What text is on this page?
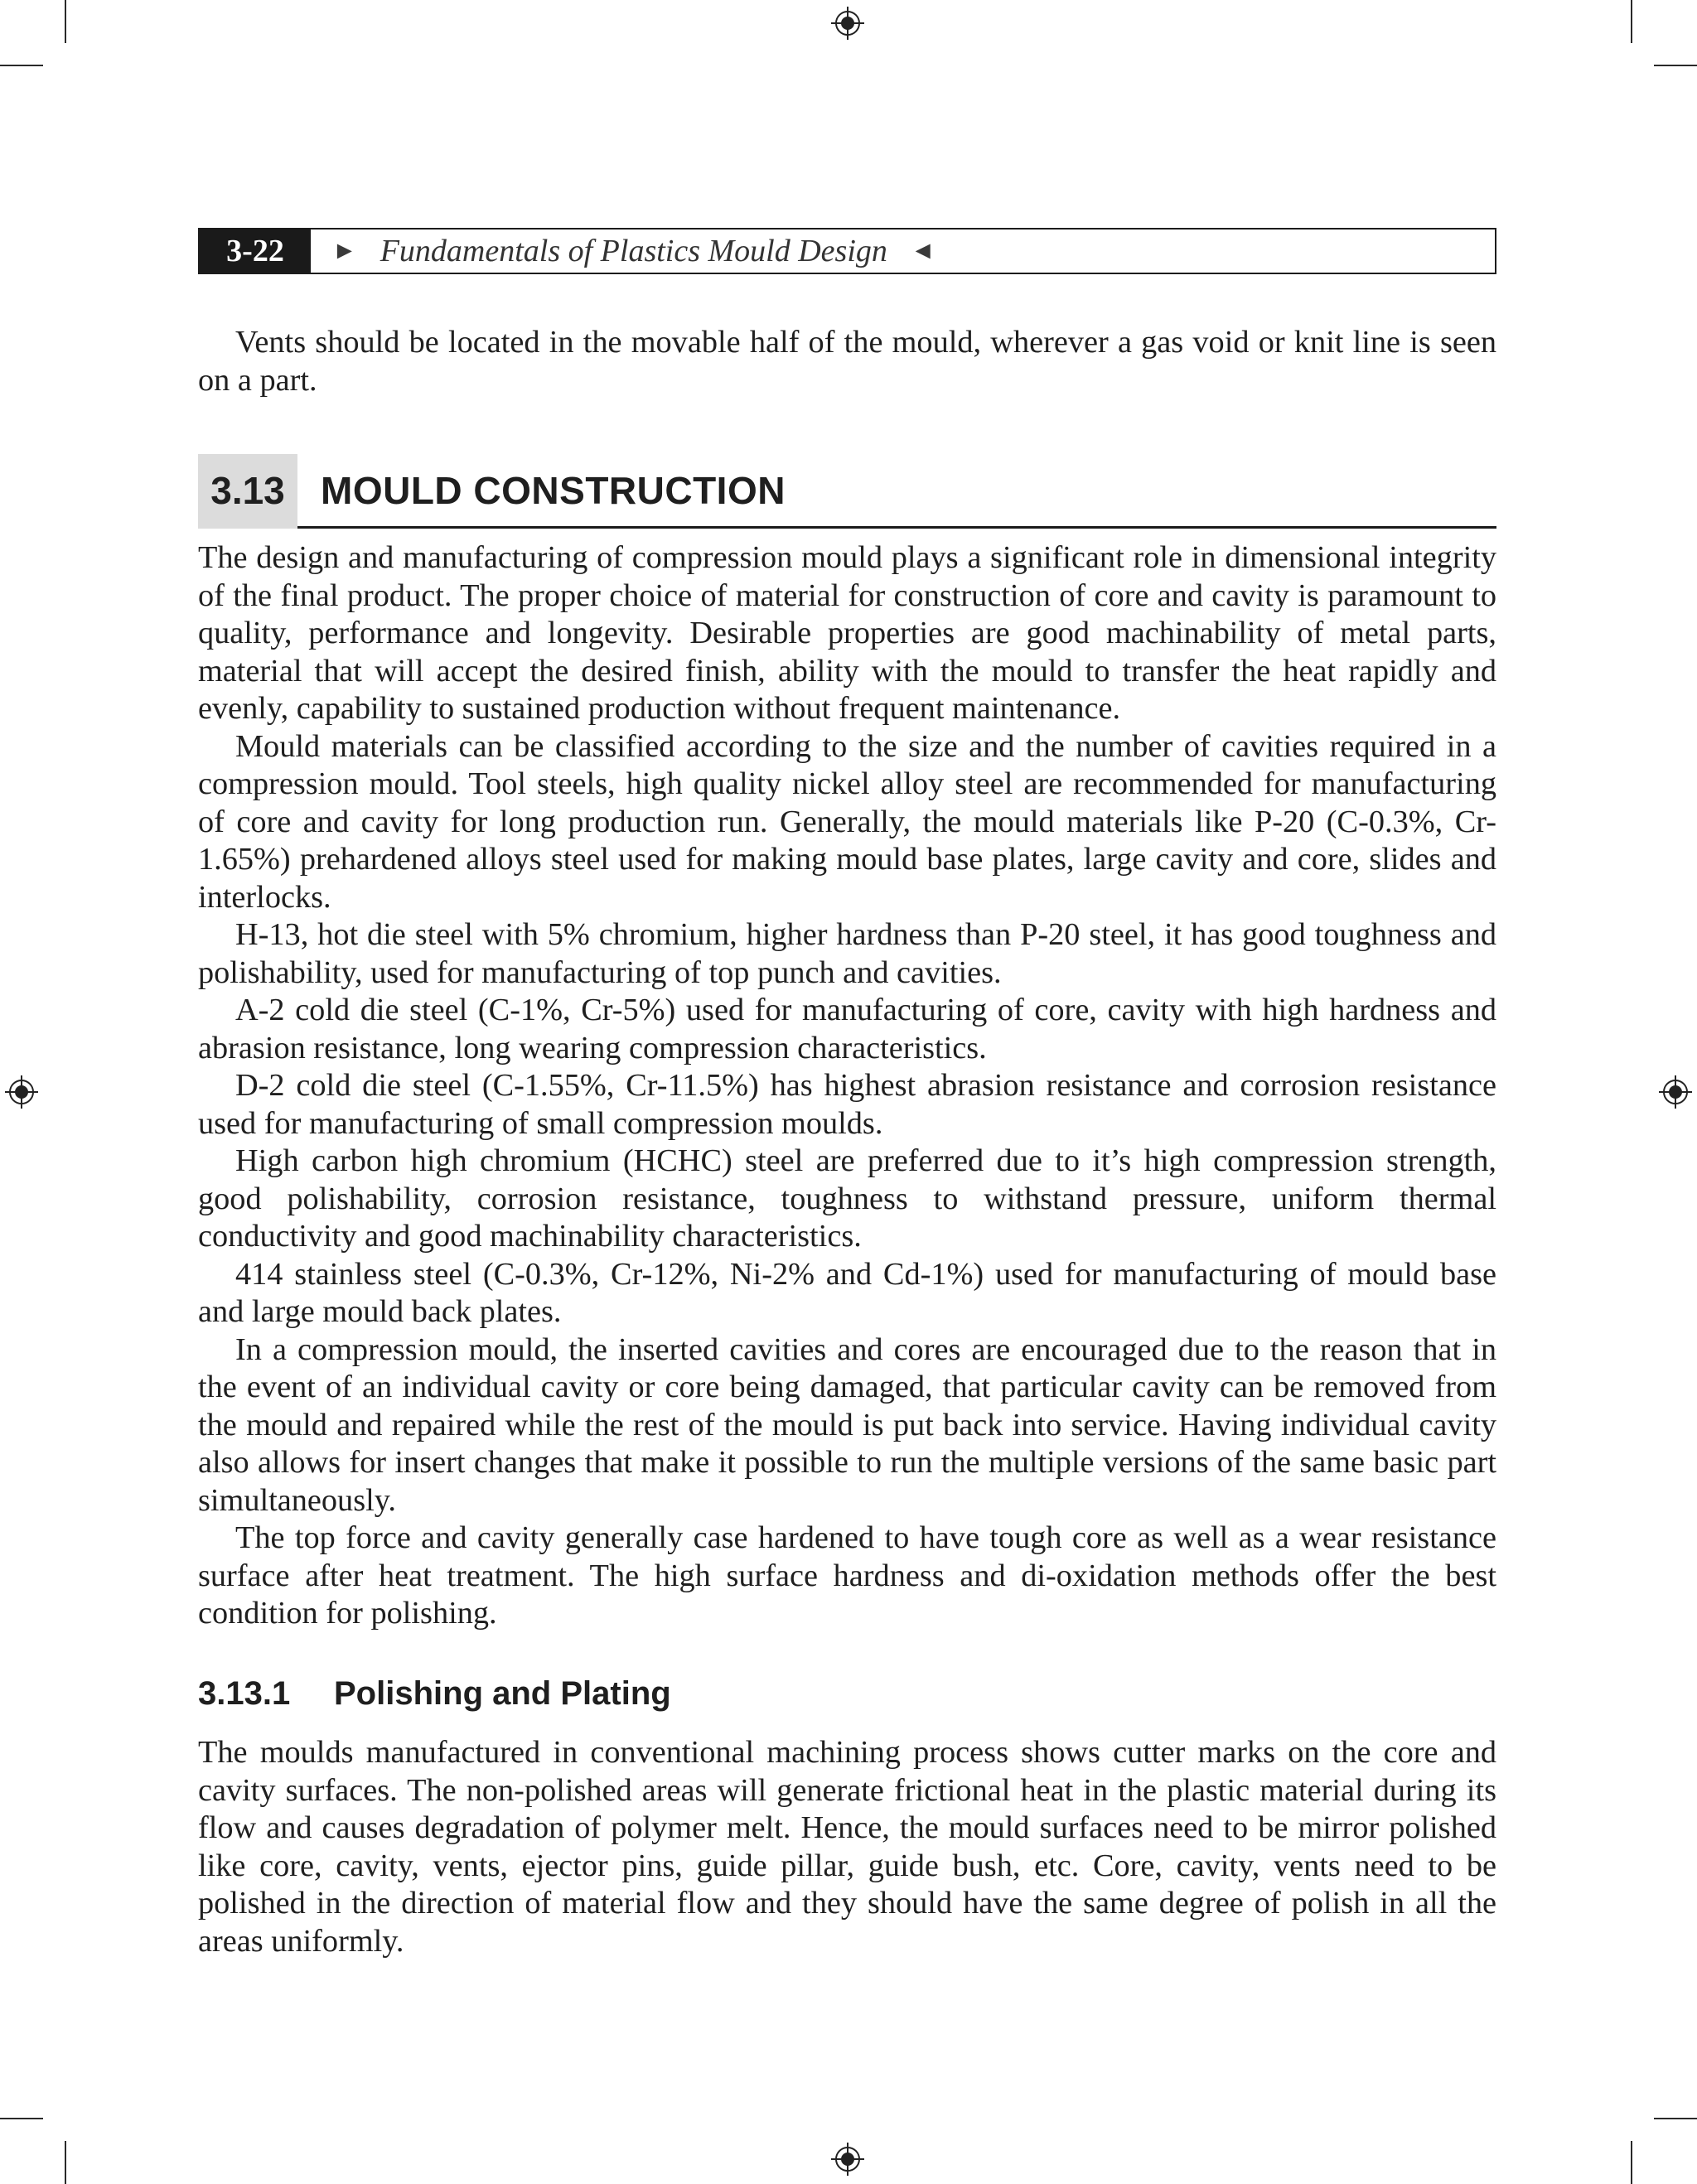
3-22	► Fundamentals of Plastics Mould Design ◄

Vents should be located in the movable half of the mould, wherever a gas void or knit line is seen on a part.

3.13 MOULD CONSTRUCTION

The design and manufacturing of compression mould plays a significant role in dimensional integrity of the final product. The proper choice of material for construction of core and cavity is paramount to quality, performance and longevity. Desirable properties are good machinability of metal parts, material that will accept the desired finish, ability with the mould to transfer the heat rapidly and evenly, capability to sustained production without frequent maintenance.

Mould materials can be classified according to the size and the number of cavities required in a compression mould. Tool steels, high quality nickel alloy steel are recommended for manufacturing of core and cavity for long production run. Generally, the mould materials like P-20 (C-0.3%, Cr-1.65%) prehardened alloys steel used for making mould base plates, large cavity and core, slides and interlocks.

H-13, hot die steel with 5% chromium, higher hardness than P-20 steel, it has good toughness and polishability, used for manufacturing of top punch and cavities.

A-2 cold die steel (C-1%, Cr-5%) used for manufacturing of core, cavity with high hardness and abrasion resistance, long wearing compression characteristics.

D-2 cold die steel (C-1.55%, Cr-11.5%) has highest abrasion resistance and corrosion resistance used for manufacturing of small compression moulds.

High carbon high chromium (HCHC) steel are preferred due to it’s high compression strength, good polishability, corrosion resistance, toughness to withstand pressure, uniform thermal conductivity and good machinability characteristics.

414 stainless steel (C-0.3%, Cr-12%, Ni-2% and Cd-1%) used for manufacturing of mould base and large mould back plates.

In a compression mould, the inserted cavities and cores are encouraged due to the reason that in the event of an individual cavity or core being damaged, that particular cavity can be removed from the mould and repaired while the rest of the mould is put back into service. Having individual cavity also allows for insert changes that make it possible to run the multiple versions of the same basic part simultaneously.

The top force and cavity generally case hardened to have tough core as well as a wear resistance surface after heat treatment. The high surface hardness and di-oxidation methods offer the best condition for polishing.

3.13.1	Polishing and Plating

The moulds manufactured in conventional machining process shows cutter marks on the core and cavity surfaces. The non-polished areas will generate frictional heat in the plastic material during its flow and causes degradation of polymer melt. Hence, the mould surfaces need to be mirror polished like core, cavity, vents, ejector pins, guide pillar, guide bush, etc. Core, cavity, vents need to be polished in the direction of material flow and they should have the same degree of polish in all the areas uniformly.
